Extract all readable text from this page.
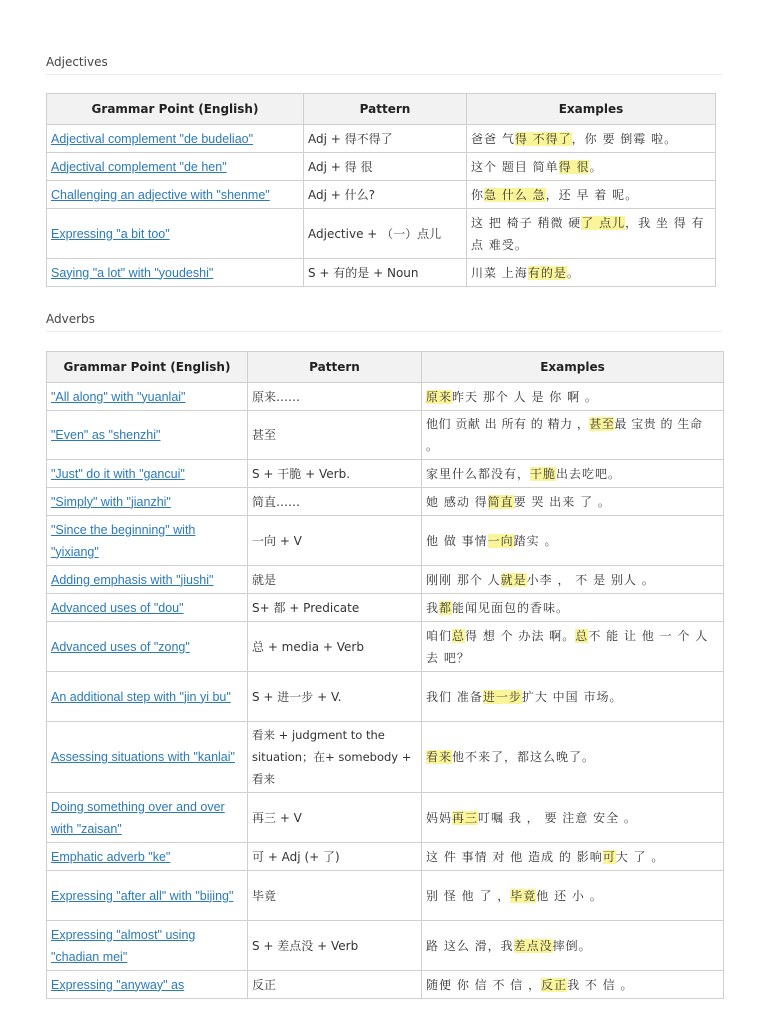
Adjectives
Grammar Point (English)	Pattern	Examples
Adjectival complement "de budeliao"	Adj + 得不得了	爸爸 气得 不得了，你 要 倒霉 啦。
Adjectival complement "de hen"	Adj + 得 很	这个 题目 简单得 很。
Challenging an adjective with "shenme"	Adj + 什么?	你急 什么 急，还 早 着 呢。
Expressing "a bit too"	Adjective + （一）点儿	这 把 椅子 稍微 硬了 点儿，我 坐 得 有 点 难受。
Saying "a lot" with "youdeshi"	S + 有的是 + Noun	川菜 上海有的是。
Adverbs
Grammar Point (English)	Pattern	Examples
"All along" with "yuanlai"	原来……	原来昨天 那个 人 是 你 啊 。
"Even" as "shenzhi"	甚至	他们 贡献 出 所有 的 精力 ，甚至最 宝贵 的 生命 。
"Just" do it with "gancui"	S + 干脆 + Verb.	家里什么都没有，干脆出去吃吧。
"Simply" with "jianzhi"	简直……	她 感动 得简直要 哭 出来 了 。
"Since the beginning" with "yixiang"	一向 + V	他 做 事情一向踏实 。
Adding emphasis with "jiushi"	就是	刚刚 那个 人就是小李 ， 不 是 别人 。
Advanced uses of "dou"	S+ 都 + Predicate	我都能闻见面包的香味。
Advanced uses of "zong"	总 + media + Verb	咱们总得 想 个 办法 啊。总不 能 让 他 一 个 人 去 吧？
An additional step with "jin yi bu"	S + 进一步 + V.	我们 准备进一步扩大 中国 市场。
Assessing situations with "kanlai"	看来 + judgment to the situation；在+ somebody + 看来	看来他不来了，都这么晚了。
Doing something over and over with "zaisan"	再三 + V	妈妈再三叮嘱 我 ， 要 注意 安全 。
Emphatic adverb "ke"	可 + Adj (+ 了)	这 件 事情 对 他 造成 的 影响可大 了 。
Expressing "after all" with "bijing"	毕竟	别 怪 他 了 ，毕竟他 还 小 。
Expressing "almost" using "chadian mei"	S + 差点没 + Verb	路 这么 滑，我差点没摔倒。
Expressing "anyway" as	反正	随便 你 信 不 信 ，反正我 不 信 。
